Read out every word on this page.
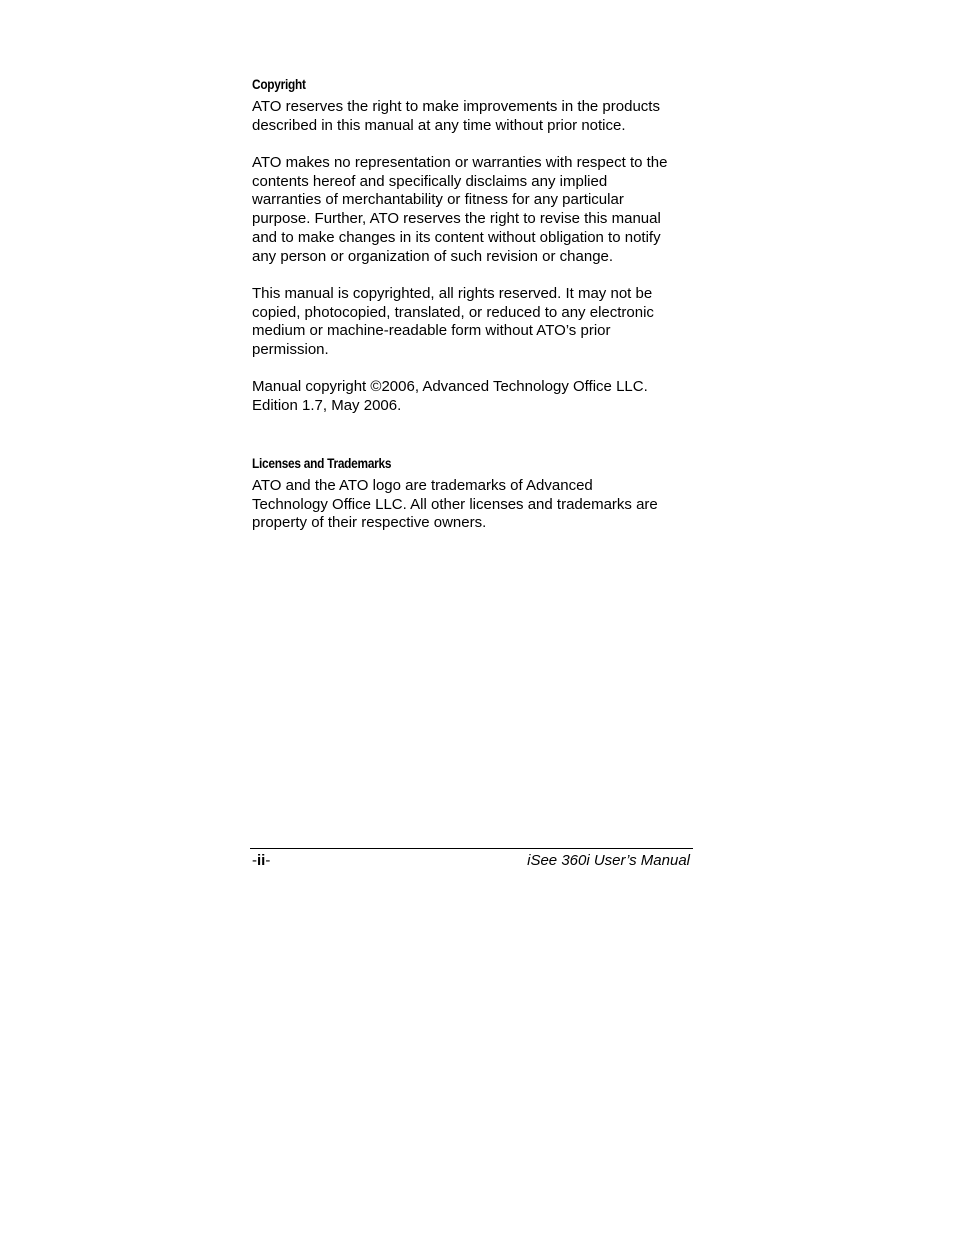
Copyright

ATO reserves the right to make improvements in the products
described in this manual at any time without prior notice.

ATO makes no representation or warranties with respect to the
contents hereof and specifically disclaims any implied
warranties of merchantability or fitness for any particular
purpose. Further, ATO reserves the right to revise this manual
and to make changes in its content without obligation to notify
any person or organization of such revision or change.

This manual is copyrighted, all rights reserved. It may not be
copied, photocopied, translated, or reduced to any electronic
medium or machine-readable form without ATO’s prior
permission.

Manual copyright ©2006, Advanced Technology Office LLC.
Edition 1.7, May 2006.

Licenses and Trademarks

ATO and the ATO logo are trademarks of Advanced
Technology Office LLC. All other licenses and trademarks are
property of their respective owners.

-ii-	iSee 360i User’s Manual
